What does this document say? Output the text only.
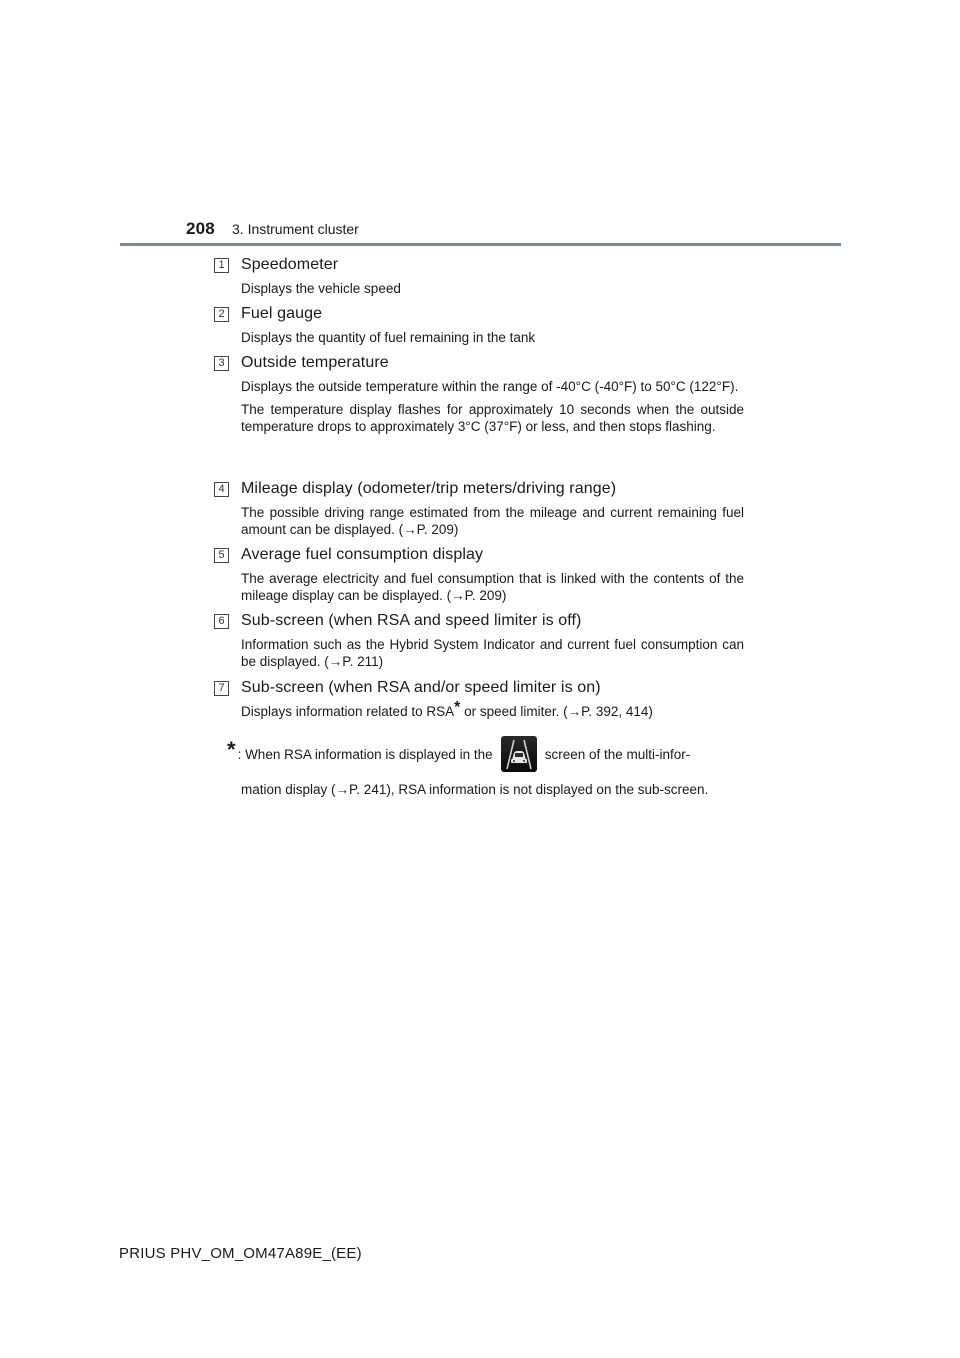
208 3. Instrument cluster
1 Speedometer

Displays the vehicle speed

2 Fuel gauge

Displays the quantity of fuel remaining in the tank

3 Outside temperature

Displays the outside temperature within the range of -40°C (-40°F) to 50°C (122°F).

The temperature display flashes for approximately 10 seconds when the outside temperature drops to approximately 3°C (37°F) or less, and then stops flashing.

4 Mileage display (odometer/trip meters/driving range)

The possible driving range estimated from the mileage and current remaining fuel amount can be displayed. (→P. 209)

5 Average fuel consumption display

The average electricity and fuel consumption that is linked with the contents of the mileage display can be displayed. (→P. 209)

6 Sub-screen (when RSA and speed limiter is off)

Information such as the Hybrid System Indicator and current fuel consumption can be displayed. (→P. 211)

7 Sub-screen (when RSA and/or speed limiter is on)

Displays information related to RSA* or speed limiter. (→P. 392, 414)

* : When RSA information is displayed in the	screen of the multi-infor-
mation display (→P. 241), RSA information is not displayed on the sub-screen.
PRIUS PHV_OM_OM47A89E_(EE)
